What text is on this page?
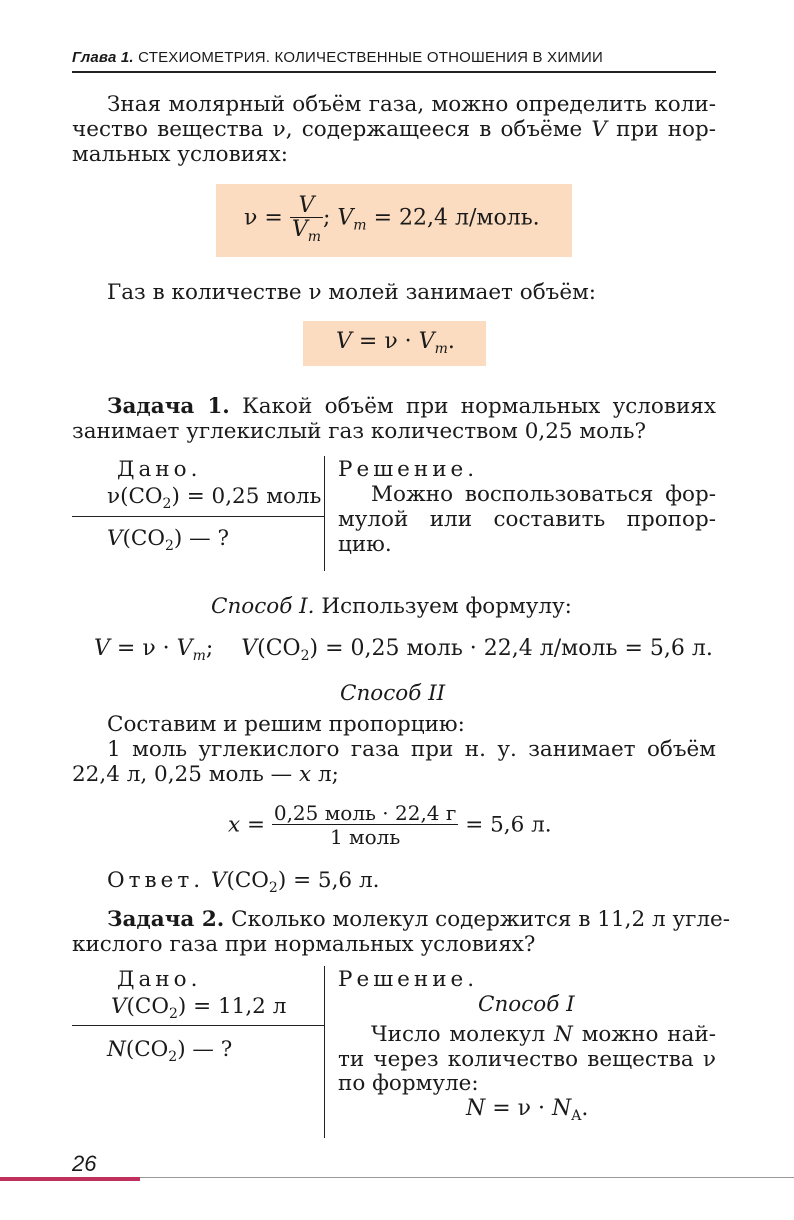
Глава 1. СТЕХИОМЕТРИЯ. КОЛИЧЕСТВЕННЫЕ ОТНОШЕНИЯ В ХИМИИ
Зная молярный объём газа, можно определить коли-
чество вещества ν, содержащееся в объёме V при нор-
мальных условиях:
$\nu = \frac{V}{V_m}$ ; $V_m = 22,4$ л/моль.
Газ в количестве ν молей занимает объём:
$V = \nu \cdot V_m$.
Задача 1. Какой объём при нормальных условиях
занимает углекислый газ количеством 0,25 моль?
Дано.
$\nu(CO_2) = 0,25$ моль
$V(CO_2)$ — ?
Решение.
Можно воспользоваться фор-
мулой или составить пропор-
цию.
Способ I. Используем формулу:
$V = \nu \cdot V_m$; $V(CO_2) = 0,25$ моль · 22,4 л/моль = 5,6 л.
Способ II
Составим и решим пропорцию:
1 моль углекислого газа при н. у. занимает объём
22,4 л, 0,25 моль — x л;
$x = \frac{\text{0,25 моль · 22,4 г}}{\text{1 моль}} = 5,6$ л.
Ответ. $V(CO_2) = 5,6$ л.
Задача 2. Сколько молекул содержится в 11,2 л угле-
кислого газа при нормальных условиях?
Дано.
$V(CO_2) = 11,2$ л
$N(CO_2)$ — ?
Решение.
Способ I
Число молекул N можно най-
ти через количество вещества ν
по формуле:
$N = \nu \cdot N_A$.
26
